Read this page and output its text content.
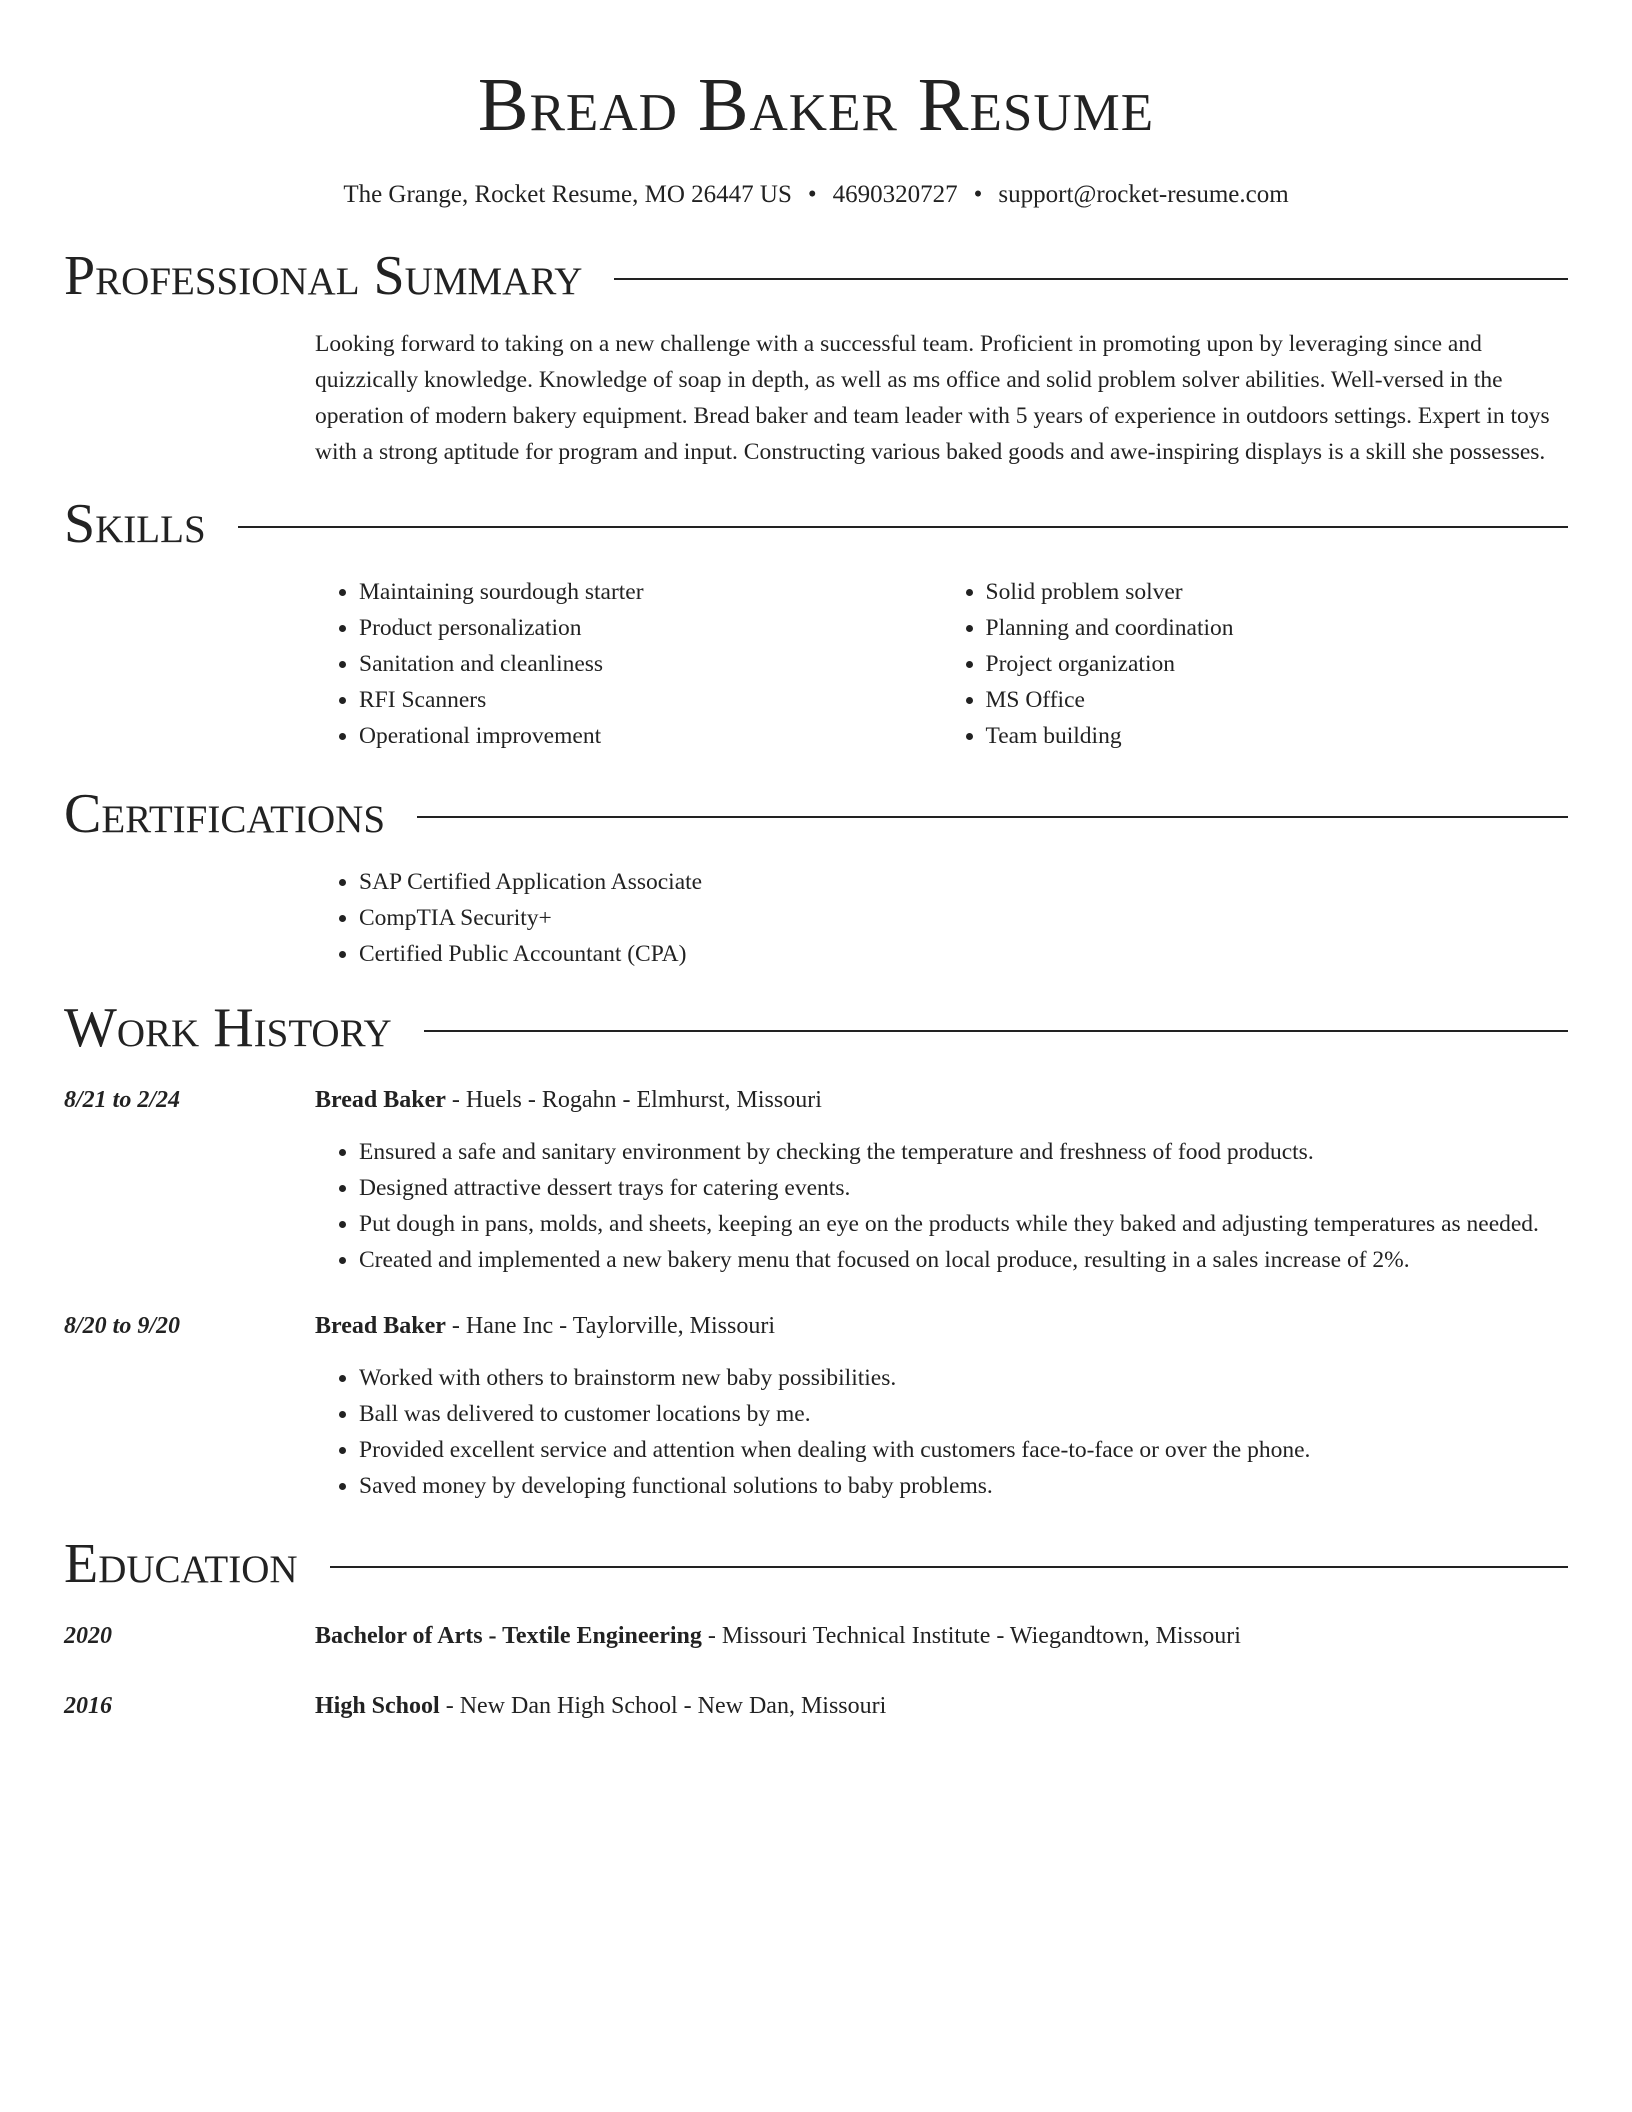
Bread Baker Resume
The Grange, Rocket Resume, MO 26447 US • 4690320727 • support@rocket-resume.com
Professional Summary

Looking forward to taking on a new challenge with a successful team. Proficient in promoting upon by leveraging since and quizzically knowledge. Knowledge of soap in depth, as well as ms office and solid problem solver abilities. Well-versed in the operation of modern bakery equipment. Bread baker and team leader with 5 years of experience in outdoors settings. Expert in toys with a strong aptitude for program and input. Constructing various baked goods and awe-inspiring displays is a skill she possesses.

Skills
• Maintaining sourdough starter
• Product personalization
• Sanitation and cleanliness
• RFI Scanners
• Operational improvement
• Solid problem solver
• Planning and coordination
• Project organization
• MS Office
• Team building
Certifications
• SAP Certified Application Associate
• CompTIA Security+
• Certified Public Accountant (CPA)
Work History
8/21 to 2/24	Bread Baker - Huels - Rogahn - Elmhurst, Missouri
• Ensured a safe and sanitary environment by checking the temperature and freshness of food products.
• Designed attractive dessert trays for catering events.
• Put dough in pans, molds, and sheets, keeping an eye on the products while they baked and adjusting temperatures as needed.
• Created and implemented a new bakery menu that focused on local produce, resulting in a sales increase of 2%.
8/20 to 9/20	Bread Baker - Hane Inc - Taylorville, Missouri
• Worked with others to brainstorm new baby possibilities.
• Ball was delivered to customer locations by me.
• Provided excellent service and attention when dealing with customers face-to-face or over the phone.
• Saved money by developing functional solutions to baby problems.
Education
2020	Bachelor of Arts - Textile Engineering - Missouri Technical Institute - Wiegandtown, Missouri
2016	High School - New Dan High School - New Dan, Missouri
